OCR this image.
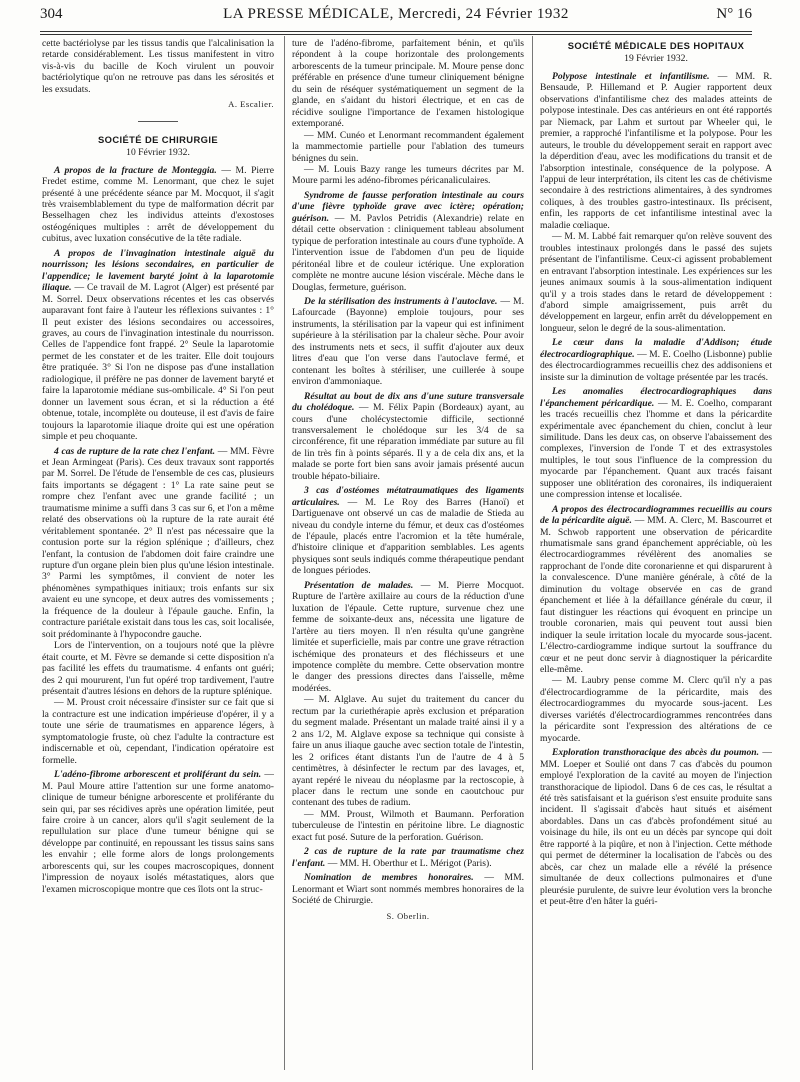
304	LA PRESSE MÉDICALE, Mercredi, 24 Février 1932	N° 16

cette bactériolyse par les tissus tandis que l'alcalinisation la retarde considérablement. Les tissus manifestent in vitro vis-à-vis du bacille de Koch virulent un pouvoir bactériolytique qu'on ne retrouve pas dans les sérosités et les exsudats.

A. Escalier.

SOCIÉTÉ DE CHIRURGIE

10 Février 1932.

A propos de la fracture de Monteggia. — M. Pierre Fredet estime, comme M. Lenormant, que chez le sujet présenté à une précédente séance par M. Mocquot, il s'agit très vraisemblablement du type de malformation décrit par Besselhagen chez les individus atteints d'exostoses ostéogéniques multiples : arrêt de développement du cubitus, avec luxation consécutive de la tête radiale.

A propos de l'invagination intestinale aiguë du nourrisson; les lésions secondaires, en particulier de l'appendice; le lavement baryté joint à la laparotomie iliaque. — Ce travail de M. Lagrot (Alger) est présenté par M. Sorrel. Deux observations récentes et les cas observés auparavant font faire à l'auteur les réflexions suivantes : 1° Il peut exister des lésions secondaires ou accessoires, graves, au cours de l'invagination intestinale du nourrisson. Celles de l'appendice font frappé. 2° Seule la laparotomie permet de les constater et de les traiter. Elle doit toujours être pratiquée. 3° Si l'on ne dispose pas d'une installation radiologique, il préfère ne pas donner de lavement baryté et faire la laparotomie médiane sus-ombilicale. 4° Si l'on peut donner un lavement sous écran, et si la réduction a été obtenue, totale, incomplète ou douteuse, il est d'avis de faire toujours la laparotomie iliaque droite qui est une opération simple et peu choquante.

4 cas de rupture de la rate chez l'enfant. — MM. Fèvre et Jean Armingeat (Paris). Ces deux travaux sont rapportés par M. Sorrel. De l'étude de l'ensemble de ces cas, plusieurs faits importants se dégagent : 1° La rate saine peut se rompre chez l'enfant avec une grande facilité ; un traumatisme minime a suffi dans 3 cas sur 6, et l'on a même relaté des observations où la rupture de la rate aurait été véritablement spontanée. 2° Il n'est pas nécessaire que la contusion porte sur la région splénique ; d'ailleurs, chez l'enfant, la contusion de l'abdomen doit faire craindre une rupture d'un organe plein bien plus qu'une lésion intestinale. 3° Parmi les symptômes, il convient de noter les phénomènes sympathiques initiaux; trois enfants sur six avaient eu une syncope, et deux autres des vomissements ; la fréquence de la douleur à l'épaule gauche. Enfin, la contracture pariétale existait dans tous les cas, soit localisée, soit prédominante à l'hypocondre gauche.

Lors de l'intervention, on a toujours noté que la plèvre était courte, et M. Fèvre se demande si cette disposition n'a pas facilité les effets du traumatisme. 4 enfants ont guéri; des 2 qui moururent, l'un fut opéré trop tardivement, l'autre présentait d'autres lésions en dehors de la rupture splénique.

— M. Proust croit nécessaire d'insister sur ce fait que si la contracture est une indication impérieuse d'opérer, il y a toute une série de traumatismes en apparence légers, à symptomatologie fruste, où chez l'adulte la contracture est indiscernable et où, cependant, l'indication opératoire est formelle.

L'adéno-fibrome arborescent et proliférant du sein. — M. Paul Moure attire l'attention sur une forme anatomo-clinique de tumeur bénigne arborescente et proliférante du sein qui, par ses récidives après une opération limitée, peut faire croire à un cancer, alors qu'il s'agit seulement de la repullulation sur place d'une tumeur bénigne qui se développe par continuité, en repoussant les tissus sains sans les envahir ; elle forme alors de longs prolongements arborescents qui, sur les coupes macroscopiques, donnent l'impression de noyaux isolés métastatiques, alors que l'examen microscopique montre que ces îlots ont la struc-

ture de l'adéno-fibrome, parfaitement bénin, et qu'ils répondent à la coupe horizontale des prolongements arborescents de la tumeur principale. M. Moure pense donc préférable en présence d'une tumeur cliniquement bénigne du sein de réséquer systématiquement un segment de la glande, en s'aidant du histori électrique, et en cas de récidive souligne l'importance de l'examen histologique extemporané.

— MM. Cunéo et Lenormant recommandent également la mammectomie partielle pour l'ablation des tumeurs bénignes du sein.

— M. Louis Bazy range les tumeurs décrites par M. Moure parmi les adéno-fibromes péricanaliculaires.

Syndrome de fausse perforation intestinale au cours d'une fièvre typhoïde grave avec ictère; opération; guérison. — M. Pavlos Petridis (Alexandrie) relate en détail cette observation : cliniquement tableau absolument typique de perforation intestinale au cours d'une typhoïde. A l'intervention issue de l'abdomen d'un peu de liquide péritonéal libre et de couleur ictérique. Une exploration complète ne montre aucune lésion viscérale. Mèche dans le Douglas, fermeture, guérison.

De la stérilisation des instruments à l'autoclave. — M. Lafourcade (Bayonne) emploie toujours, pour ses instruments, la stérilisation par la vapeur qui est infiniment supérieure à la stérilisation par la chaleur sèche. Pour avoir des instruments nets et secs, il suffit d'ajouter aux deux litres d'eau que l'on verse dans l'autoclave fermé, et contenant les boîtes à stériliser, une cuillerée à soupe environ d'ammoniaque.

Résultat au bout de dix ans d'une suture transversale du cholédoque. — M. Félix Papin (Bordeaux) ayant, au cours d'une cholécystectomie difficile, sectionné transversalement le cholédoque sur les 3/4 de sa circonférence, fit une réparation immédiate par suture au fil de lin très fin à points séparés. Il y a de cela dix ans, et la malade se porte fort bien sans avoir jamais présenté aucun trouble hépato-biliaire.

3 cas d'ostéomes métatraumatiques des ligaments articulaires. — M. Le Roy des Barres (Hanoï) et Dartiguenave ont observé un cas de maladie de Stieda au niveau du condyle interne du fémur, et deux cas d'ostéomes de l'épaule, placés entre l'acromion et la tête humérale, d'histoire clinique et d'apparition semblables. Les agents physiques sont seuls indiqués comme thérapeutique pendant de longues périodes.

Présentation de malades. — M. Pierre Mocquot. Rupture de l'artère axillaire au cours de la réduction d'une luxation de l'épaule. Cette rupture, survenue chez une femme de soixante-deux ans, nécessita une ligature de l'artère au tiers moyen. Il n'en résulta qu'une gangrène limitée et superficielle, mais par contre une grave rétraction ischémique des pronateurs et des fléchisseurs et une impotence complète du membre. Cette observation montre le danger des pressions directes dans l'aisselle, même modérées.

— M. Alglave. Au sujet du traitement du cancer du rectum par la curiethérapie après exclusion et préparation du segment malade. Présentant un malade traité ainsi il y a 2 ans 1/2, M. Alglave expose sa technique qui consiste à faire un anus iliaque gauche avec section totale de l'intestin, les 2 orifices étant distants l'un de l'autre de 4 à 5 centimètres, à désinfecter le rectum par des lavages, et, ayant repéré le niveau du néoplasme par la rectoscopie, à placer dans le rectum une sonde en caoutchouc pur contenant des tubes de radium.

— MM. Proust, Wilmoth et Baumann. Perforation tuberculeuse de l'intestin en péritoine libre. Le diagnostic exact fut posé. Suture de la perforation. Guérison.

2 cas de rupture de la rate par traumatisme chez l'enfant. — MM. H. Oberthur et L. Mérigot (Paris).

Nomination de membres honoraires. — MM. Lenormant et Wiart sont nommés membres honoraires de la Société de Chirurgie.

S. Oberlin.

SOCIÉTÉ MÉDICALE DES HOPITAUX

19 Février 1932.

Polypose intestinale et infantilisme. — MM. R. Bensaude, P. Hillemand et P. Augier rapportent deux observations d'infantilisme chez des malades atteints de polypose intestinale. Des cas antérieurs en ont été rapportés par Niemack, par Lahm et surtout par Wheeler qui, le premier, a rapproché l'infantilisme et la polypose. Pour les auteurs, le trouble du développement serait en rapport avec la déperdition d'eau, avec les modifications du transit et de l'absorption intestinale, conséquence de la polypose. A l'appui de leur interprétation, ils citent les cas de chétivisme secondaire à des restrictions alimentaires, à des syndromes coliques, à des troubles gastro-intestinaux. Ils précisent, enfin, les rapports de cet infantilisme intestinal avec la maladie cœliaque.

— M. M. Labbé fait remarquer qu'on relève souvent des troubles intestinaux prolongés dans le passé des sujets présentant de l'infantilisme. Ceux-ci agissent probablement en entravant l'absorption intestinale. Les expériences sur les jeunes animaux soumis à la sous-alimentation indiquent qu'il y a trois stades dans le retard de développement : d'abord simple amaigrissement, puis arrêt du développement en largeur, enfin arrêt du développement en longueur, selon le degré de la sous-alimentation.

Le cœur dans la maladie d'Addison; étude électrocardiographique. — M. E. Coelho (Lisbonne) publie des électrocardiogrammes recueillis chez des addisoniens et insiste sur la diminution de voltage présentée par les tracés.

Les anomalies électrocardiographiques dans l'épanchement péricardique. — M. E. Coelho, comparant les tracés recueillis chez l'homme et dans la péricardite expérimentale avec épanchement du chien, conclut à leur similitude. Dans les deux cas, on observe l'abaissement des complexes, l'inversion de l'onde T et des extrasystoles multiples, le tout sous l'influence de la compression du myocarde par l'épanchement. Quant aux tracés faisant supposer une oblitération des coronaires, ils indiqueraient une compression intense et localisée.

A propos des électrocardiogrammes recueillis au cours de la péricardite aiguë. — MM. A. Clerc, M. Bascourret et M. Schwob rapportent une observation de péricardite rhumatismale sans grand épanchement appréciable, où les électrocardiogrammes révélèrent des anomalies se rapprochant de l'onde dite coronarienne et qui disparurent à la convalescence. D'une manière générale, à côté de la diminution du voltage observée en cas de grand épanchement et liée à la défaillance générale du cœur, il faut distinguer les réactions qui évoquent en principe un trouble coronarien, mais qui peuvent tout aussi bien indiquer la seule irritation locale du myocarde sous-jacent. L'électro-cardiogramme indique surtout la souffrance du cœur et ne peut donc servir à diagnostiquer la péricardite elle-même.

— M. Laubry pense comme M. Clerc qu'il n'y a pas d'électrocardiogramme de la péricardite, mais des électrocardiogrammes du myocarde sous-jacent. Les diverses variétés d'électrocardiogrammes rencontrées dans la péricardite sont l'expression des altérations de ce myocarde.

Exploration transthoracique des abcès du poumon. — MM. Loeper et Soulié ont dans 7 cas d'abcès du poumon employé l'exploration de la cavité au moyen de l'injection transthoracique de lipiodol. Dans 6 de ces cas, le résultat a été très satisfaisant et la guérison s'est ensuite produite sans incident. Il s'agissait d'abcès haut situés et aisément abordables. Dans un cas d'abcès profondément situé au voisinage du hile, ils ont eu un décès par syncope qui doit être rapporté à la piqûre, et non à l'injection. Cette méthode qui permet de déterminer la localisation de l'abcès ou des abcès, car chez un malade elle a révélé la présence simultanée de deux collections pulmonaires et d'une pleurésie purulente, de suivre leur évolution vers la bronche et peut-être d'en hâter la guéri-
